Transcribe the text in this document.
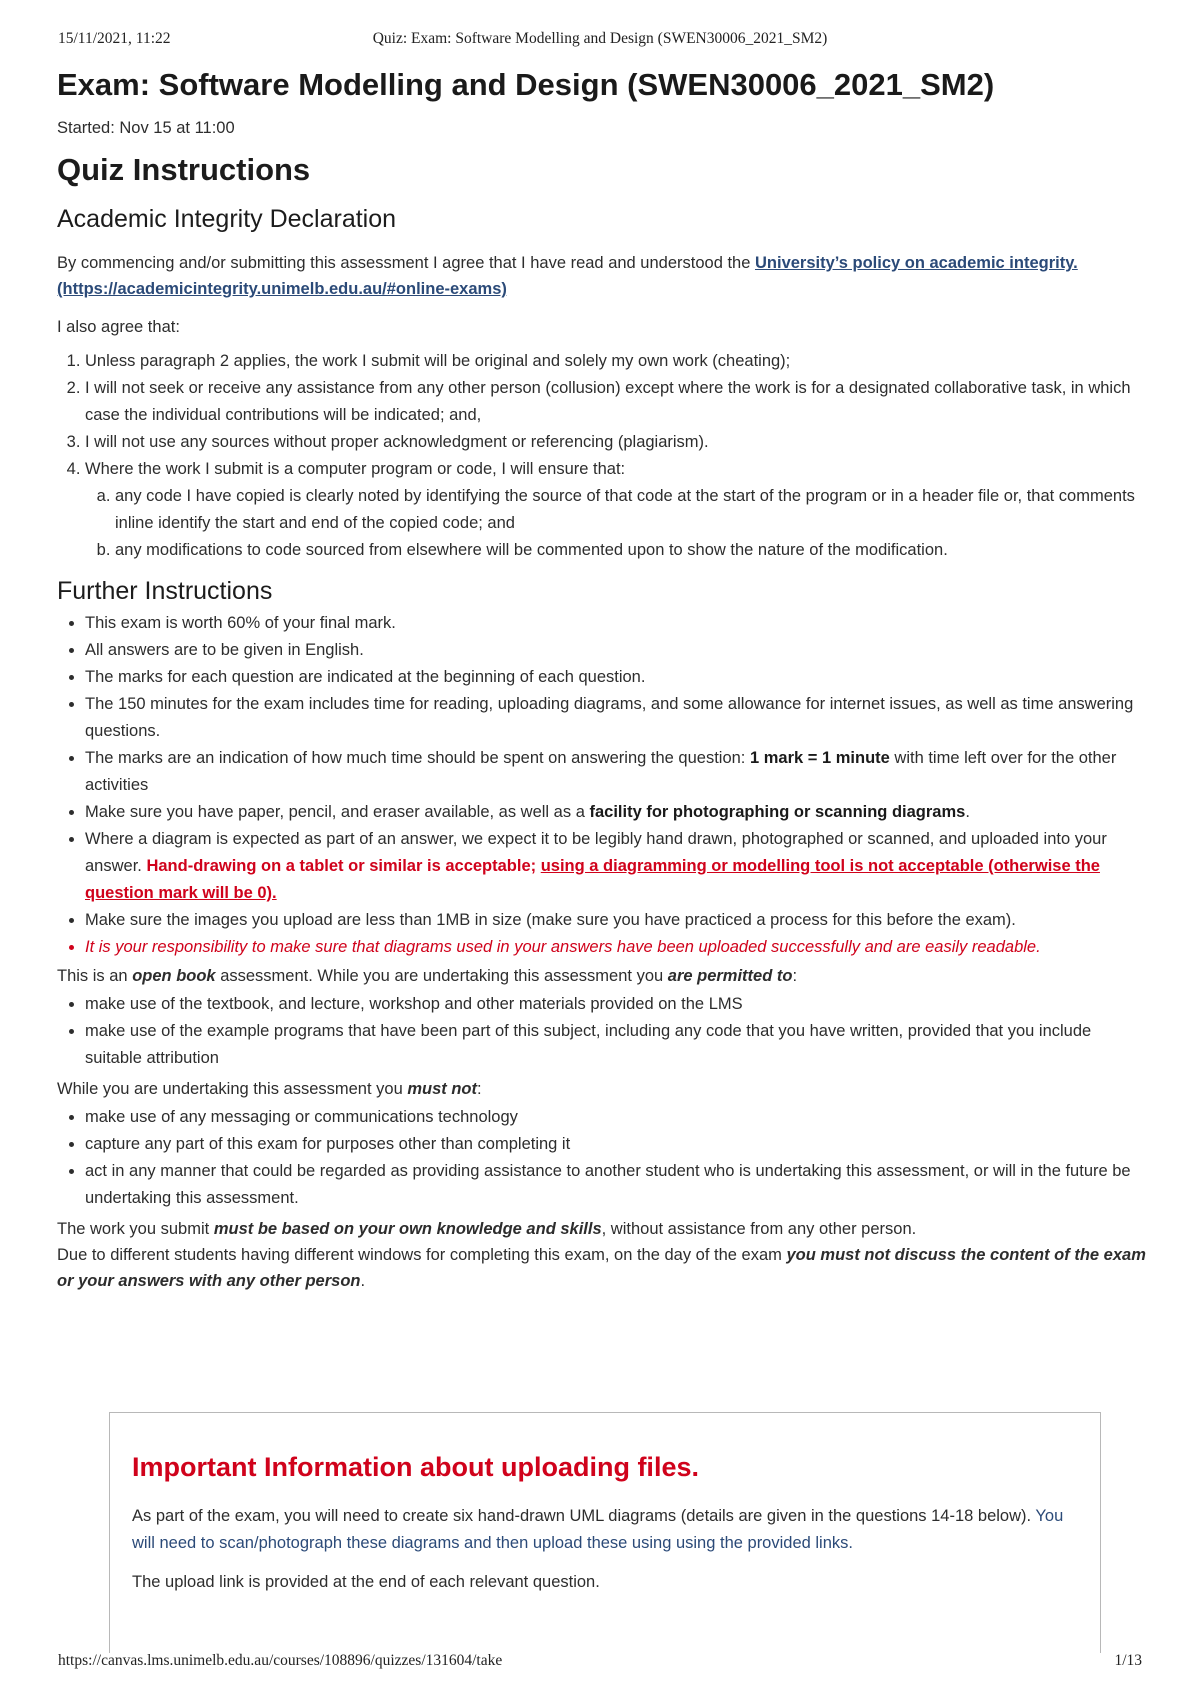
15/11/2021, 11:22	Quiz: Exam: Software Modelling and Design (SWEN30006_2021_SM2)
Exam: Software Modelling and Design (SWEN30006_2021_SM2)

Started: Nov 15 at 11:00

Quiz Instructions
Academic Integrity Declaration

By commencing and/or submitting this assessment I agree that I have read and understood the University’s policy on academic integrity. (https://academicintegrity.unimelb.edu.au/#online-exams)

I also agree that:

1. Unless paragraph 2 applies, the work I submit will be original and solely my own work (cheating);
2. I will not seek or receive any assistance from any other person (collusion) except where the work is for a designated collaborative task, in which case the individual contributions will be indicated; and,
3. I will not use any sources without proper acknowledgment or referencing (plagiarism).
4. Where the work I submit is a computer program or code, I will ensure that:
a. any code I have copied is clearly noted by identifying the source of that code at the start of the program or in a header file or, that comments inline identify the start and end of the copied code; and
b. any modifications to code sourced from elsewhere will be commented upon to show the nature of the modification.
Further Instructions
• This exam is worth 60% of your final mark.
• All answers are to be given in English.
• The marks for each question are indicated at the beginning of each question.
• The 150 minutes for the exam includes time for reading, uploading diagrams, and some allowance for internet issues, as well as time answering questions.
• The marks are an indication of how much time should be spent on answering the question: 1 mark = 1 minute with time left over for the other activities
• Make sure you have paper, pencil, and eraser available, as well as a facility for photographing or scanning diagrams.
• Where a diagram is expected as part of an answer, we expect it to be legibly hand drawn, photographed or scanned, and uploaded into your answer. Hand-drawing on a tablet or similar is acceptable; using a diagramming or modelling tool is not acceptable (otherwise the question mark will be 0).
• Make sure the images you upload are less than 1MB in size (make sure you have practiced a process for this before the exam).
• It is your responsibility to make sure that diagrams used in your answers have been uploaded successfully and are easily readable.

This is an open book assessment. While you are undertaking this assessment you are permitted to:

• make use of the textbook, and lecture, workshop and other materials provided on the LMS
• make use of the example programs that have been part of this subject, including any code that you have written, provided that you include suitable attribution

While you are undertaking this assessment you must not:

• make use of any messaging or communications technology
• capture any part of this exam for purposes other than completing it
• act in any manner that could be regarded as providing assistance to another student who is undertaking this assessment, or will in the future be undertaking this assessment.

The work you submit must be based on your own knowledge and skills, without assistance from any other person.

Due to different students having different windows for completing this exam, on the day of the exam you must not discuss the content of the exam or your answers with any other person.

Important Information about uploading files.

As part of the exam, you will need to create six hand-drawn UML diagrams (details are given in the questions 14-18 below). You will need to scan/photograph these diagrams and then upload these using using the provided links.

The upload link is provided at the end of each relevant question.

https://canvas.lms.unimelb.edu.au/courses/108896/quizzes/131604/take	1/13
